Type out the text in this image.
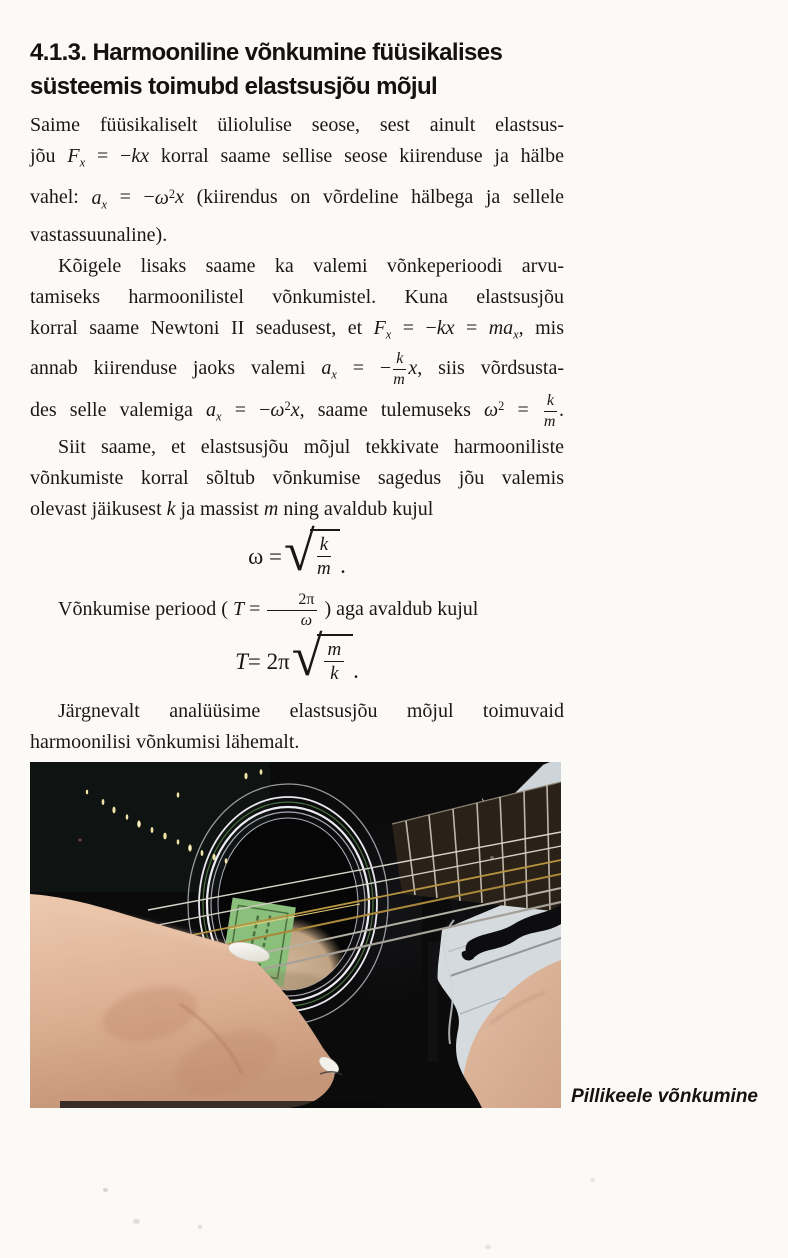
4.1.3. Harmooniline võnkumine füüsikalises
süsteemis toimubd elastsusjõu mõjul
Saime füüsikaliselt üliolulise seose, sest ainult elastsus-
jõu $F_x = -kx$ korral saame sellise seose kiirenduse ja hälbe
vahel: $a_x = -\omega^2x$ (kiirendus on võrdeline hälbega ja sellele
vastassuunaline).
Kõigele lisaks saame ka valemi võnkeperioodi arvu-
tamiseks harmoonilistel võnkumistel. Kuna elastsusjõu
korral saame Newtoni II seadusest, et $F_x = -kx = ma_x$, mis
annab kiirenduse jaoks valemi $a_x$ = − $\frac{k}{m} x$, siis võrdsusta-
des selle valemiga $a_x = -\omega^2x$, saame tulemuseks $\omega^2 = \frac{k}{m}$ .
Siit saame, et elastsusjõu mõjul tekkivate harmooniliste
võnkumiste korral sõltub võnkumise sagedus jõu valemis
olevast jäikusest k ja massist m ning avaldub kujul
ω = √ $\frac{k}{m}$ .
Võnkumise periood ( $T = \frac{2\pi}{\omega}$ ) aga avaldub kujul
T = 2π √ $\frac{m}{k}$ .
Järgnevalt analüüsime elastsusjõu mõjul toimuvaid
harmoonilisi võnkumisi lähemalt.
Pillikeele võnkumine
